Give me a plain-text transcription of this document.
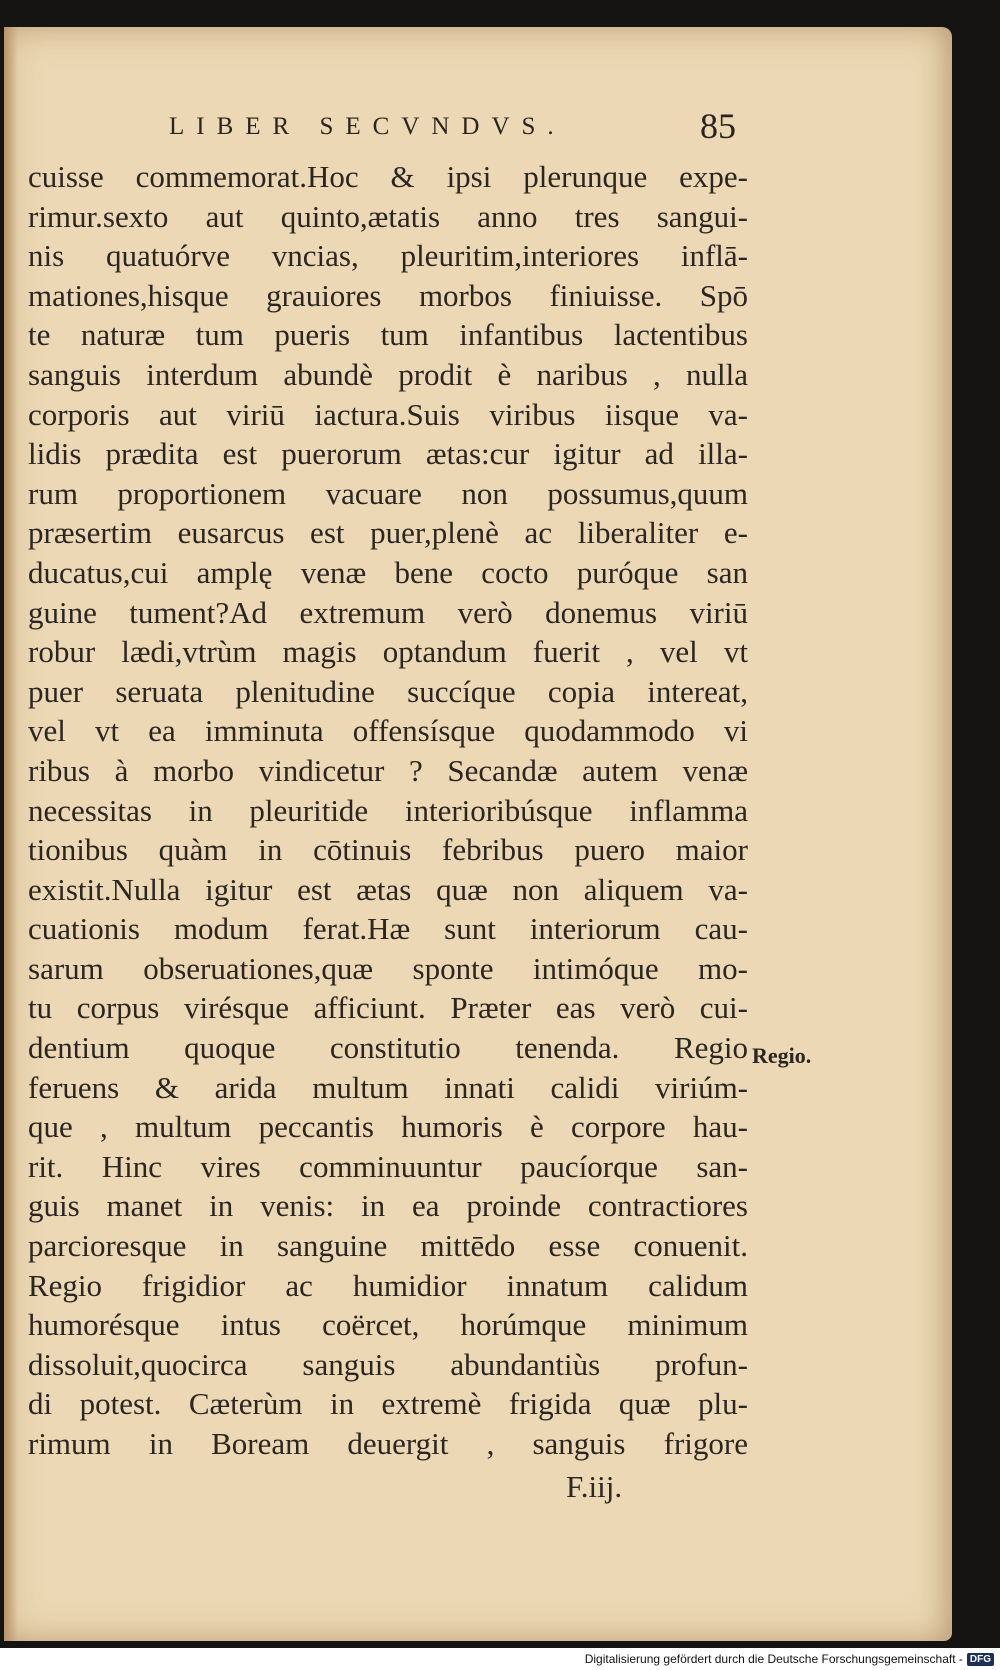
LIBER SECVNDVS.	85
cuisse commemorat.Hoc & ipsi plerunque expe-
rimur.sexto aut quinto,ætatis anno tres sangui-
nis quatuórve vncias, pleuritim,interiores inflā-
mationes,hisque grauiores morbos finiuisse. Spō
te naturæ tum pueris tum infantibus lactentibus
sanguis interdum abundè prodit è naribus , nulla
corporis aut viriū iactura.Suis viribus iisque va-
lidis prædita est puerorum ætas:cur igitur ad illa-
rum proportionem vacuare non possumus,quum
præsertim eusarcus est puer,plenè ac liberaliter e-
ducatus,cui amplę venæ bene cocto puróque san
guine tument?Ad extremum verò donemus viriū
robur lædi,vtrùm magis optandum fuerit , vel vt
puer seruata plenitudine succíque copia intereat,
vel vt ea imminuta offensísque quodammodo vi
ribus à morbo vindicetur ? Secandæ autem venæ
necessitas in pleuritide interioribúsque inflamma
tionibus quàm in cōtinuis febribus puero maior
existit.Nulla igitur est ætas quæ non aliquem va-
cuationis modum ferat.Hæ sunt interiorum cau-
sarum obseruationes,quæ sponte intimóque mo-
tu corpus virésque afficiunt. Præter eas verò cui-
dentium quoque constitutio tenenda. Regio
feruens & arida multum innati calidi viriúm-
que , multum peccantis humoris è corpore hau-
rit. Hinc vires comminuuntur paucíorque san-
guis manet in venis: in ea proinde contractiores
parcioresque in sanguine mittēdo esse conuenit.
Regio frigidior ac humidior innatum calidum
humorésque intus coërcet, horúmque minimum
dissoluit,quocirca sanguis abundantiùs profun-
di potest. Cæterùm in extremè frigida quæ plu-
rimum in Boream deuergit , sanguis frigore
Regio.
F.iij.
Digitalisierung gefördert durch die Deutsche Forschungsgemeinschaft - DFG
